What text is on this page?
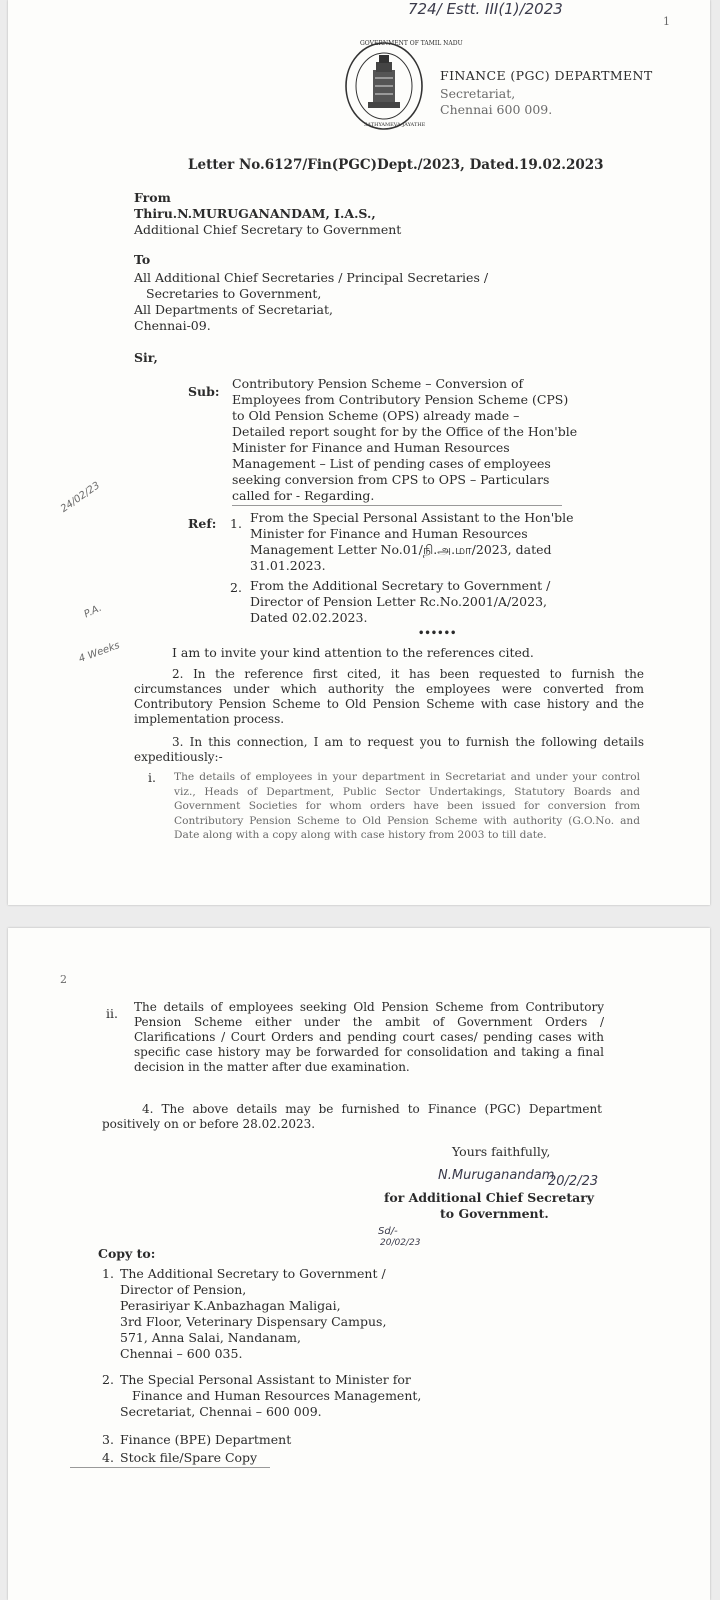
724/ Estt. III(1)/2023
1
GOVERNMENT OF TAMIL NADU
SATHYAMEVA JAYATHE
FINANCE (PGC) DEPARTMENT
Secretariat,
Chennai 600 009.
Letter No.6127/Fin(PGC)Dept./2023, Dated.19.02.2023
From
Thiru.N.MURUGANANDAM, I.A.S.,
Additional Chief Secretary to Government
To
All Additional Chief Secretaries / Principal Secretaries /
Secretaries to Government,
All Departments of Secretariat,
Chennai-09.
Sir,
Sub:
Contributory Pension Scheme – Conversion of
Employees from Contributory Pension Scheme (CPS)
to Old Pension Scheme (OPS) already made –
Detailed report sought for by the Office of the Hon'ble
Minister for Finance and Human Resources
Management – List of pending cases of employees
seeking conversion from CPS to OPS – Particulars
called for - Regarding.
Ref: 1. From the Special Personal Assistant to the Hon'ble
Minister for Finance and Human Resources
Management Letter No.01/நி.அ.மா/2023, dated
31.01.2023.
2. From the Additional Secretary to Government /
Director of Pension Letter Rc.No.2001/A/2023,
Dated 02.02.2023.
••••••
I am to invite your kind attention to the references cited.
2. In the reference first cited, it has been requested to furnish the circumstances under which authority the employees were converted from Contributory Pension Scheme to Old Pension Scheme with case history and the implementation process.
3. In this connection, I am to request you to furnish the following details expeditiously:-
i. The details of employees in your department in Secretariat and under your control viz., Heads of Department, Public Sector Undertakings, Statutory Boards and Government Societies for whom orders have been issued for conversion from Contributory Pension Scheme to Old Pension Scheme with authority (G.O.No. and Date along with a copy along with case history from 2003 to till date.
24/02/23
P.A.
4 Weeks
2
ii. The details of employees seeking Old Pension Scheme from Contributory Pension Scheme either under the ambit of Government Orders / Clarifications / Court Orders and pending court cases/ pending cases with specific case history may be forwarded for consolidation and taking a final decision in the matter after due examination.
4. The above details may be furnished to Finance (PGC) Department positively on or before 28.02.2023.
Yours faithfully,
N.Muruganandam
20/2/23
for Additional Chief Secretary
to Government.
Sd/-
20/02/23
Copy to:
1. The Additional Secretary to Government /
Director of Pension,
Perasiriyar K.Anbazhagan Maligai,
3rd Floor, Veterinary Dispensary Campus,
571, Anna Salai, Nandanam,
Chennai – 600 035.
2. The Special Personal Assistant to Minister for
Finance and Human Resources Management,
Secretariat, Chennai – 600 009.
3. Finance (BPE) Department
4. Stock file/Spare Copy
